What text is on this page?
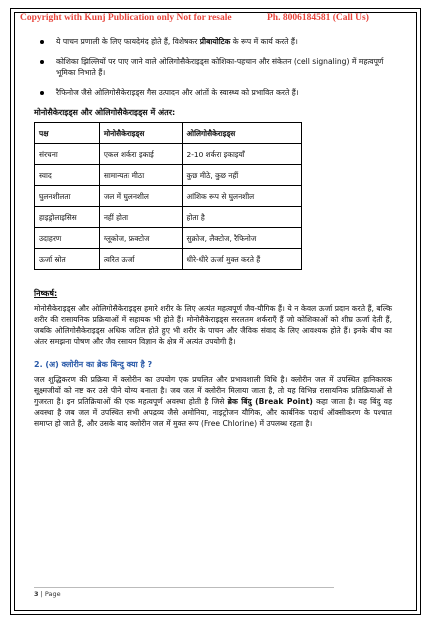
Copyright with Kunj Publication only Not for resale	Ph. 8006184581 (Call Us)
ये पाचन प्रणाली के लिए फायदेमंद होते हैं, विशेषकर प्रीबायोटिक के रूप में कार्य करते हैं।
कोशिका झिल्लियों पर पाए जाने वाले ओलिगोसैकेराइड्स कोशिका-पहचान और संकेतन (cell signaling) में महत्वपूर्ण भूमिका निभाते हैं।
रैफिनोज जैसे ओलिगोसैकेराइड्स गैस उत्पादन और आंतों के स्वास्थ्य को प्रभावित करते हैं।
मोनोसैकेराइड्स और ओलिगोसैकेराइड्स में अंतर:
पक्ष	मोनोसैकेराइड्स	ओलिगोसैकेराइड्स
संरचना	एकल शर्करा इकाई	2-10 शर्करा इकाइयाँ
स्वाद	सामान्यतः मीठा	कुछ मीठे, कुछ नहीं
घुलनशीलता	जल में घुलनशील	आंशिक रूप से घुलनशील
हाइड्रोलाइसिस	नहीं होता	होता है
उदाहरण	ग्लूकोज, फ्रक्टोज	सुक्रोज, लैक्टोज, रैफिनोज
ऊर्जा स्रोत	त्वरित ऊर्जा	धीरे-धीरे ऊर्जा मुक्त करते हैं
निष्कर्ष:
मोनोसैकेराइड्स और ओलिगोसैकेराइड्स हमारे शरीर के लिए अत्यंत महत्वपूर्ण जैव-यौगिक हैं। ये न केवल ऊर्जा प्रदान करते हैं, बल्कि शरीर की रासायनिक प्रक्रियाओं में सहायक भी होते हैं। मोनोसैकेराइड्स सरलतम शर्कराएँ हैं जो कोशिकाओं को शीघ्र ऊर्जा देती हैं, जबकि ओलिगोसैकेराइड्स अधिक जटिल होते हुए भी शरीर के पाचन और जैविक संवाद के लिए आवश्यक होते हैं। इनके बीच का अंतर समझना पोषण और जैव रसायन विज्ञान के क्षेत्र में अत्यंत उपयोगी है।
2. (अ) क्लोरीन का ब्रेक बिन्दु क्या है ?
जल शुद्धिकरण की प्रक्रिया में क्लोरीन का उपयोग एक प्रचलित और प्रभावशाली विधि है। क्लोरीन जल में उपस्थित हानिकारक सूक्ष्मजीवों को नष्ट कर उसे पीने योग्य बनाता है। जब जल में क्लोरीन मिलाया जाता है, तो यह विभिन्न रासायनिक प्रतिक्रियाओं से गुजरता है। इन प्रतिक्रियाओं की एक महत्वपूर्ण अवस्था होती है जिसे ब्रेक बिंदु (Break Point) कहा जाता है। यह बिंदु वह अवस्था है जब जल में उपस्थित सभी अपद्रव्य जैसे अमोनिया, नाइट्रोजन यौगिक, और कार्बनिक पदार्थ ऑक्सीकरण के पश्चात समाप्त हो जाते हैं, और उसके बाद क्लोरीन जल में मुक्त रूप (Free Chlorine) में उपलब्ध रहता है।
3 | Page
